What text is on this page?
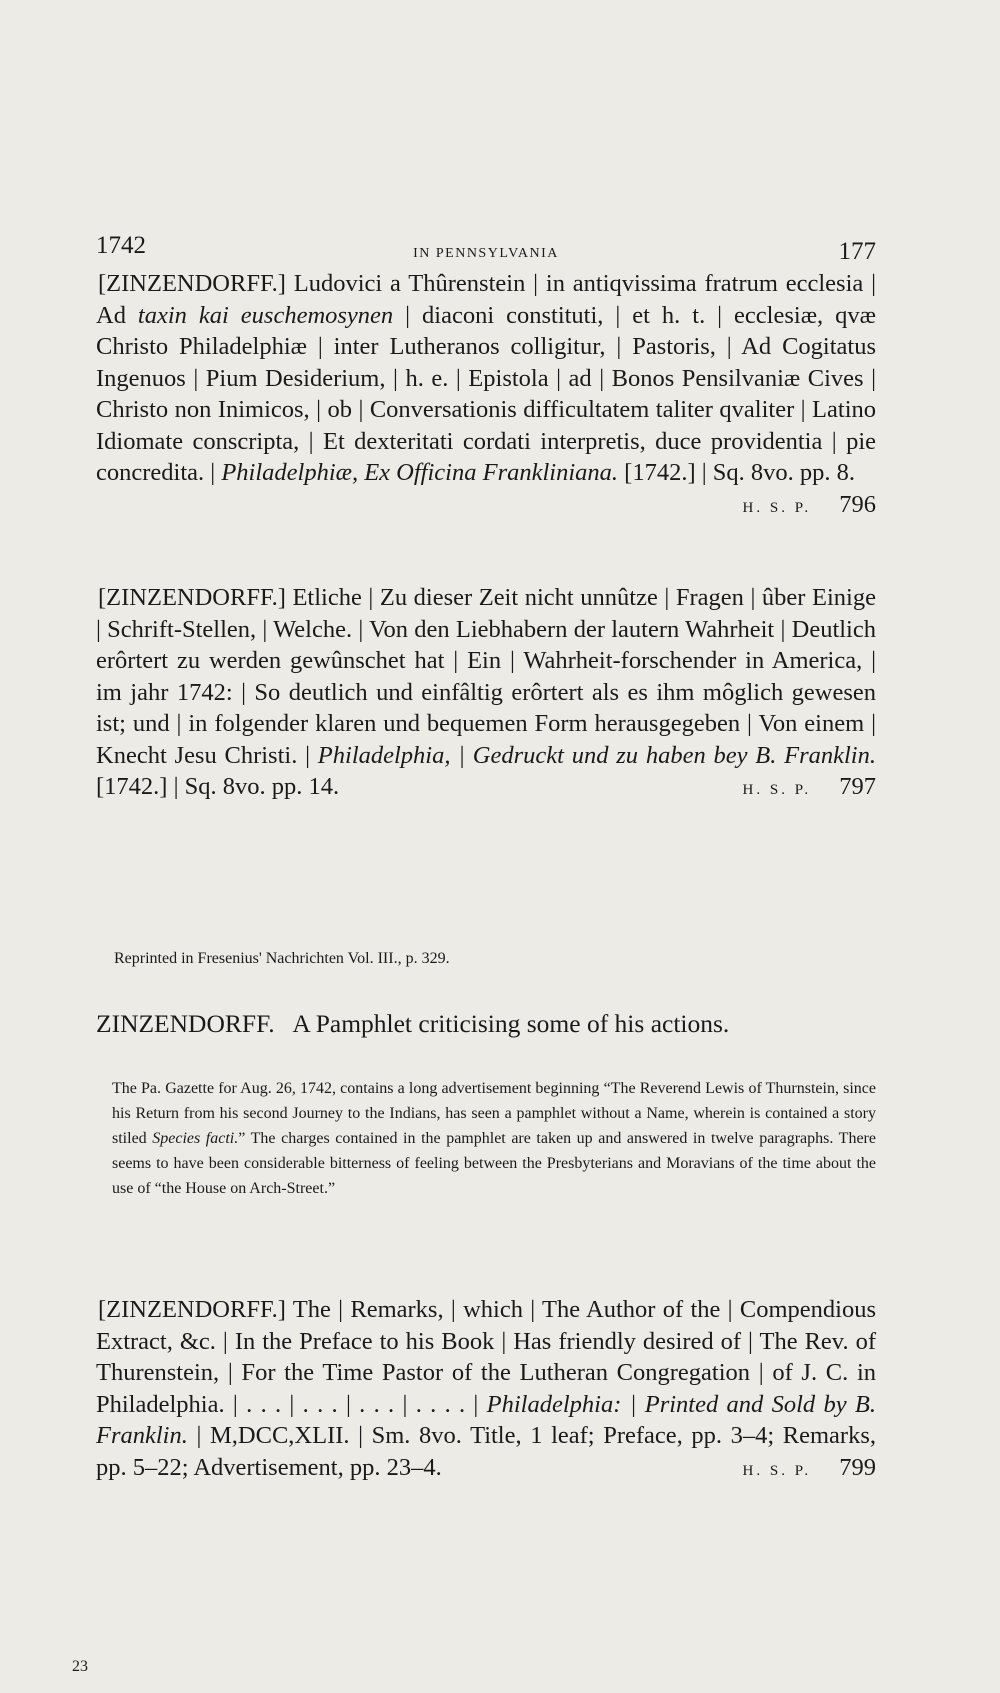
1742	IN PENNSYLVANIA	177
[ZINZENDORFF.] Ludovici a Thûrenstein | in antiqvissima fratrum ecclesia | Ad taxin kai euschemosynen | diaconi constituti, | et h. t. | ecclesiæ, qvæ Christo Philadelphiæ | inter Lutheranos colligitur, | Pastoris, | Ad Cogitatus Ingenuos | Pium Desiderium, | h. e. | Epistola | ad | Bonos Pensilvaniæ Cives | Christo non Inimicos, | ob | Conversationis difficultatem taliter qvaliter | Latino Idiomate conscripta, | Et dexteritati cordati interpretis, duce providentia | pie concredita. | Philadelphiæ, Ex Officina Frankliniana. [1742.] | Sq. 8vo. pp. 8.
H. S. P. 796
[ZINZENDORFF.] Etliche | Zu dieser Zeit nicht unnûtze | Fragen | ûber Einige | Schrift-Stellen, | Welche. | Von den Liebhabern der lautern Wahrheit | Deutlich erôrtert zu werden gewûnschet hat | Ein | Wahrheit-forschender in America, | im jahr 1742: | So deutlich und einfâltig erôrtert als es ihm môglich gewesen ist; und | in folgender klaren und bequemen Form herausgegeben | Von einem | Knecht Jesu Christi. | Philadelphia, | Gedruckt und zu haben bey B. Franklin. [1742.] | Sq. 8vo. pp. 14.	H. S. P. 797
Reprinted in Fresenius' Nachrichten Vol. III., p. 329.
ZINZENDORFF. A Pamphlet criticising some of his actions.
The Pa. Gazette for Aug. 26, 1742, contains a long advertisement beginning “The Reverend Lewis of Thurnstein, since his Return from his second Journey to the Indians, has seen a pamphlet without a Name, wherein is contained a story stiled Species facti.” The charges contained in the pamphlet are taken up and answered in twelve paragraphs. There seems to have been considerable bitterness of feeling between the Presbyterians and Moravians of the time about the use of “the House on Arch-Street.”
[ZINZENDORFF.] The | Remarks, | which | The Author of the | Compendious Extract, &c. | In the Preface to his Book | Has friendly desired of | The Rev. of Thurenstein, | For the Time Pastor of the Lutheran Congregation | of J. C. in Philadelphia. | . . . | . . . | . . . | . . . . | Philadelphia: | Printed and Sold by B. Franklin. | M,DCC,XLII. | Sm. 8vo. Title, 1 leaf; Preface, pp. 3–4; Remarks, pp. 5–22; Advertisement, pp. 23–4.	H. S. P. 799
23
